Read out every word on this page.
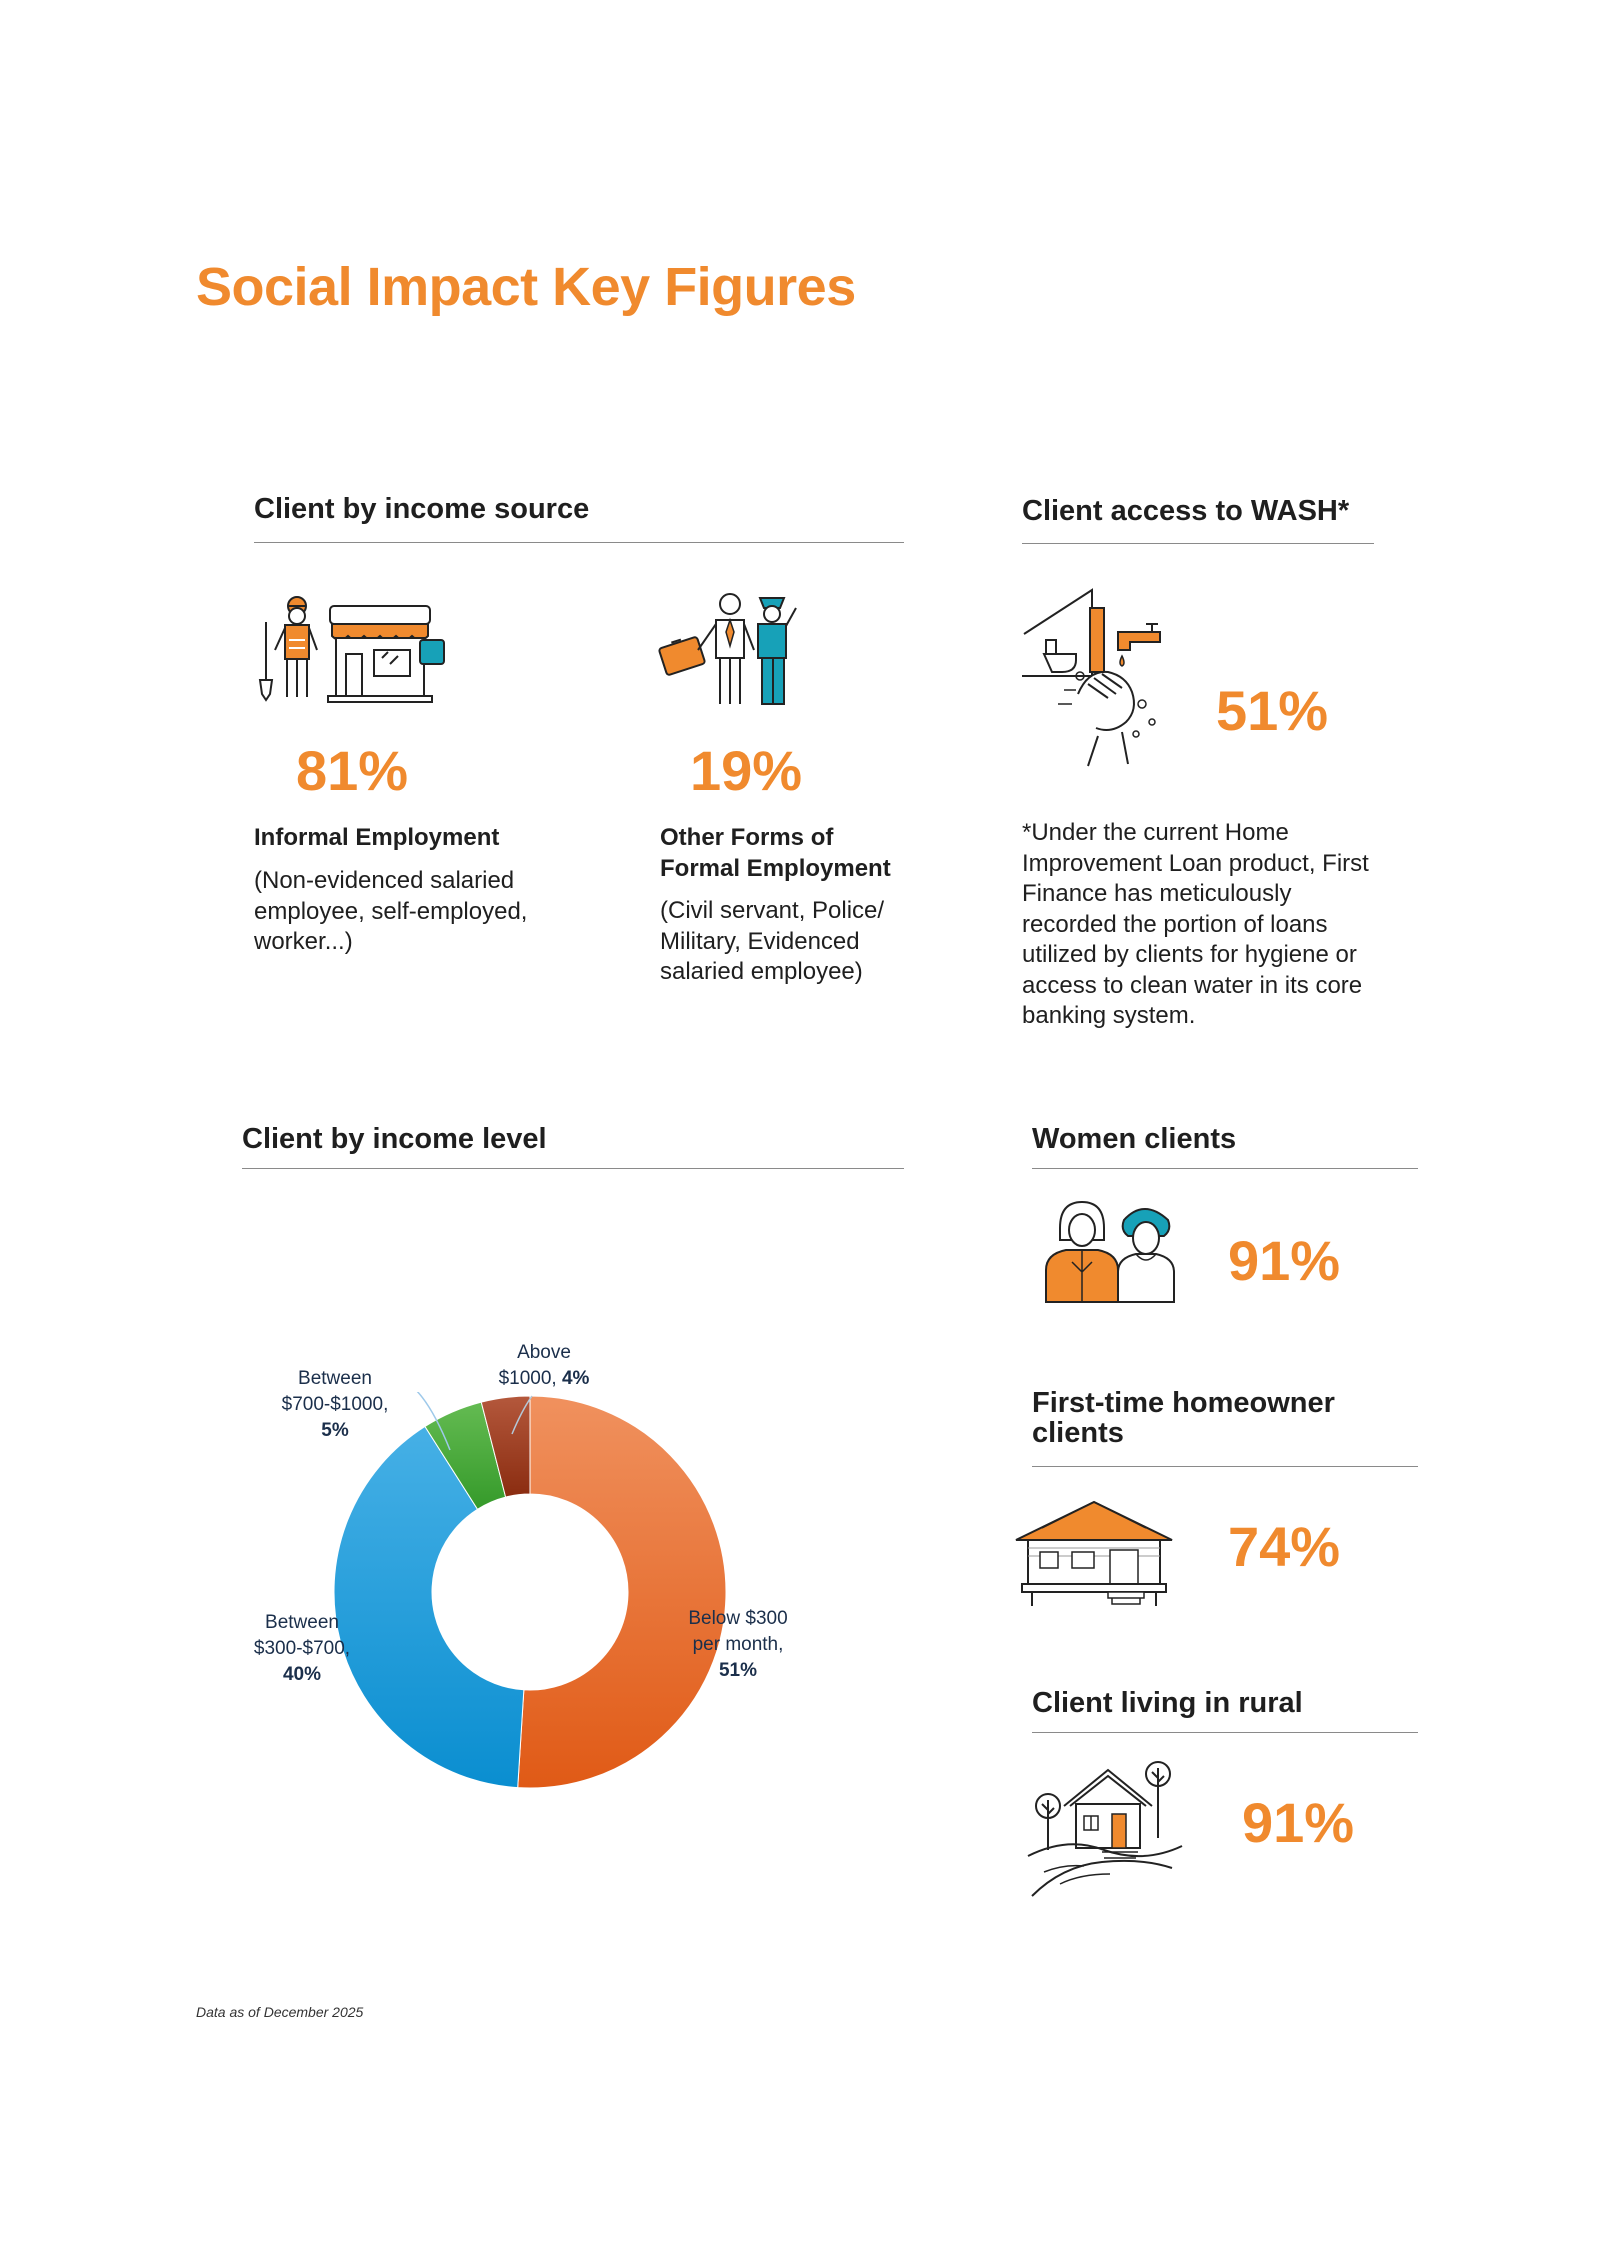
Social Impact Key Figures
Client by income source
81%
Informal Employment
(Non-evidenced salaried employee, self-employed, worker...)
19%
Other Forms of Formal Employment
(Civil servant, Police/ Military, Evidenced salaried employee)
Client access to WASH*
51%
*Under the current Home Improvement Loan product, First Finance has meticulously recorded the portion of loans utilized by clients for hygiene or access to clean water in its core banking system.
Client by income level
Between $700-$1000,
5%
Above
$1000, 4%
Below $300
per month,
51%
Between
$300-$700,
40%
Women clients
91%
First-time homeowner
clients
74%
Client living in rural
91%
Data as of December 2025
